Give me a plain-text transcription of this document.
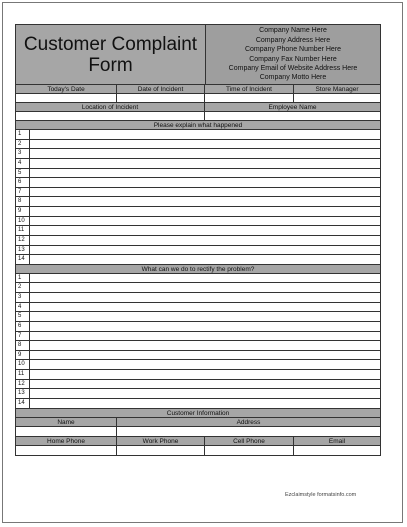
Customer Complaint
Form
Company Name Here
Company Address Here
Company Phone Number Here
Company Fax Number Here
Company Email of Website Address Here
Company Motto Here
Today's Date	Date of Incident	Time of Incident	Store Manager
Location of Incident	Employee Name
Please explain what happened
1
2
3
4
5
6
7
8
9
10
11
12
13
14
What can we do to rectify the problem?
1
2
3
4
5
6
7
8
9
10
11
12
13
14
Customer Information
Name	Address
Home Phone	Work Phone	Cell Phone	Email
Ezclaimstyle formatsinfo.com
